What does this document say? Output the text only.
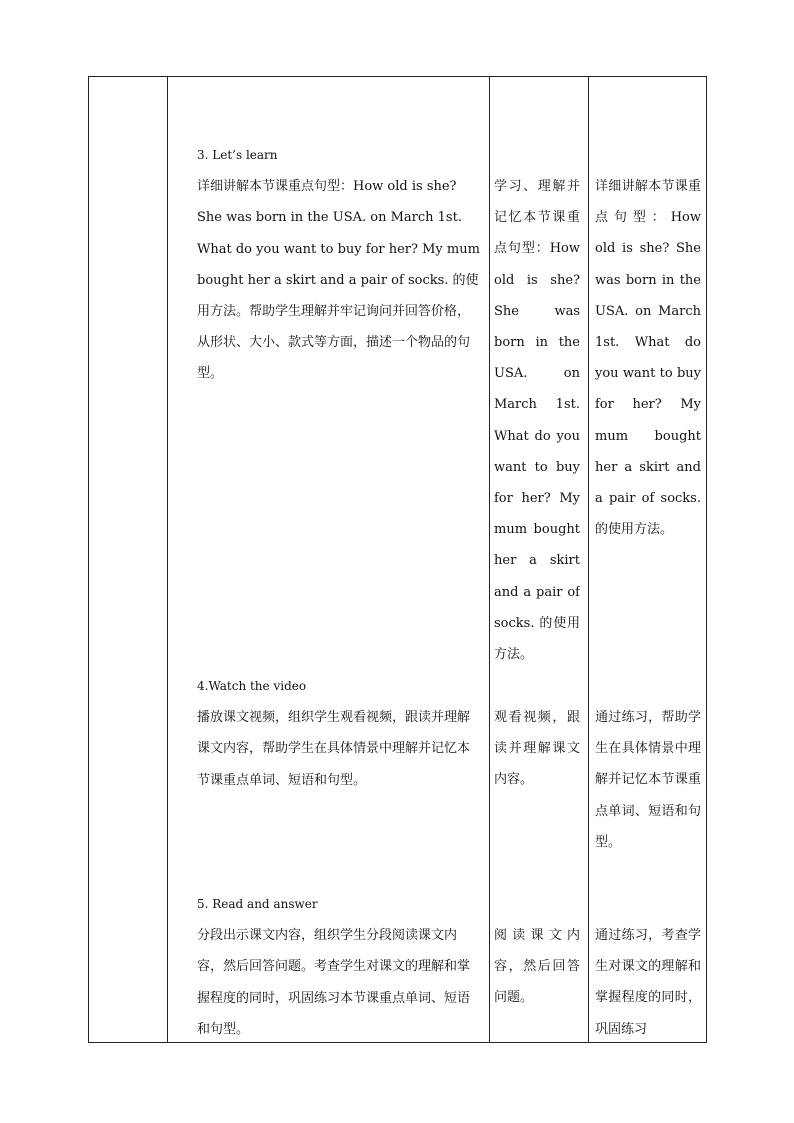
3. Let’s learn

详细讲解本节课重点句型：How old is she? She was born in the USA. on March 1st. What do you want to buy for her? My mum bought her a skirt and a pair of socks. 的使用方法。帮助学生理解并牢记询问并回答价格，从形状、大小、款式等方面，描述一个物品的句型。

4.Watch the video

播放课文视频，组织学生观看视频，跟读并理解课文内容，帮助学生在具体情景中理解并记忆本节课重点单词、短语和句型。

5. Read and answer

分段出示课文内容，组织学生分段阅读课文内容，然后回答问题。考查学生对课文的理解和掌握程度的同时，巩固练习本节课重点单词、短语和句型。

学习、理解并记忆本节课重点句型：How old is she? She was born in the USA. on March 1st. What do you want to buy for her? My mum bought her a skirt and a pair of socks. 的使用方法。
观看视频，跟读并理解课文内容。
阅读课文内容，然后回答问题。
详细讲解本节课重点句型：How old is she? She was born in the USA. on March 1st. What do you want to buy for her? My mum bought her a skirt and a pair of socks. 的使用方法。
通过练习，帮助学生在具体情景中理解并记忆本节课重点单词、短语和句型。
通过练习，考查学生对课文的理解和掌握程度的同时，巩固练习
